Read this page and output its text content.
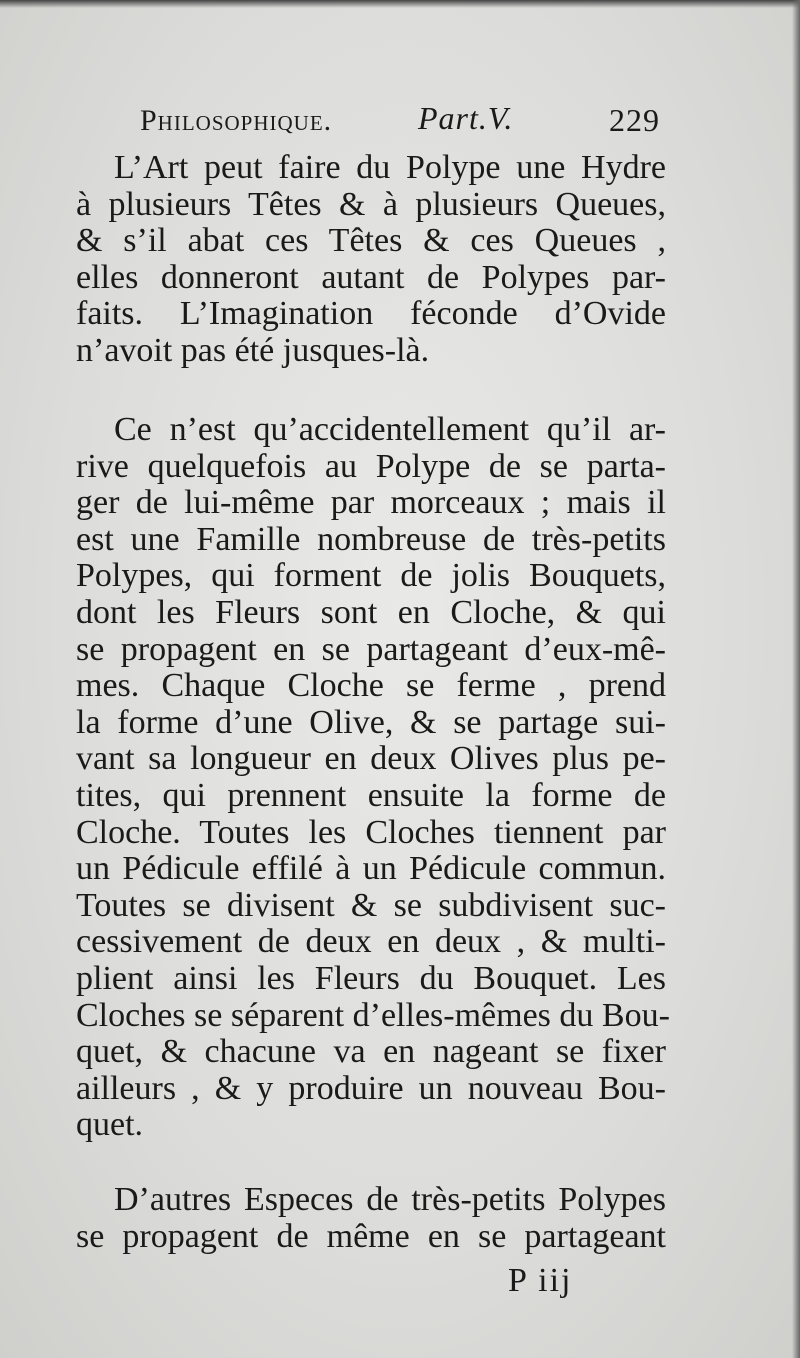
Philosophique.	Part.V.	229
L’Art peut faire du Polype une Hydre
à plusieurs Têtes & à plusieurs Queues,
& s’il abat ces Têtes & ces Queues ,
elles donneront autant de Polypes par-
faits. L’Imagination féconde d’Ovide
n’avoit pas été jusques-là.
Ce n’est qu’accidentellement qu’il ar-
rive quelquefois au Polype de se parta-
ger de lui-même par morceaux ; mais il
est une Famille nombreuse de très-petits
Polypes, qui forment de jolis Bouquets,
dont les Fleurs sont en Cloche, & qui
se propagent en se partageant d’eux-mê-
mes. Chaque Cloche se ferme , prend
la forme d’une Olive, & se partage sui-
vant sa longueur en deux Olives plus pe-
tites, qui prennent ensuite la forme de
Cloche. Toutes les Cloches tiennent par
un Pédicule effilé à un Pédicule commun.
Toutes se divisent & se subdivisent suc-
cessivement de deux en deux , & multi-
plient ainsi les Fleurs du Bouquet. Les
Cloches se séparent d’elles-mêmes du Bou-
quet, & chacune va en nageant se fixer
ailleurs , & y produire un nouveau Bou-
quet.
D’autres Especes de très-petits Polypes
se propagent de même en se partageant
P iij
